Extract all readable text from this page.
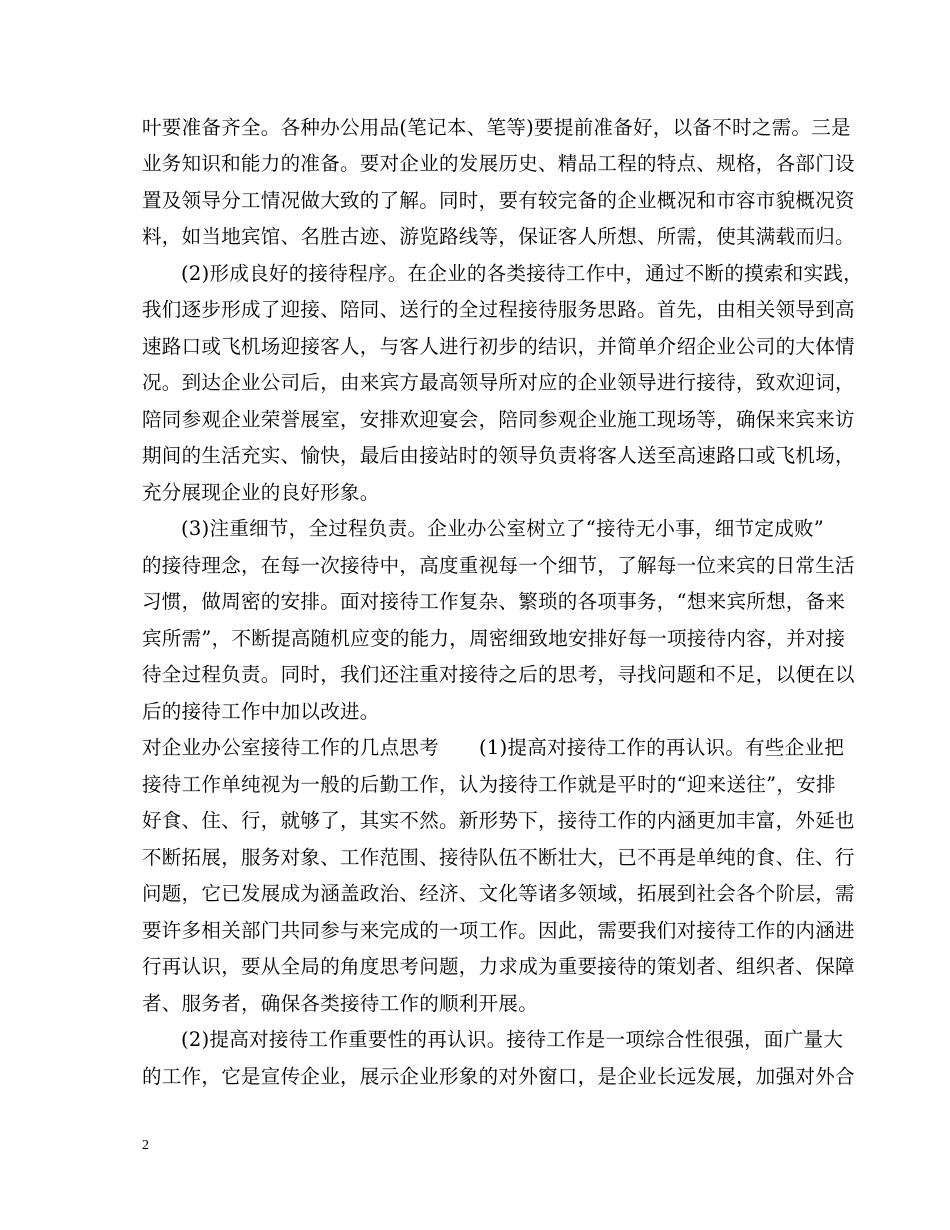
叶要准备齐全。各种办公用品(笔记本、笔等)要提前准备好，以备不时之需。三是
业务知识和能力的准备。要对企业的发展历史、精品工程的特点、规格，各部门设
置及领导分工情况做大致的了解。同时，要有较完备的企业概况和市容市貌概况资
料，如当地宾馆、名胜古迹、游览路线等，保证客人所想、所需，使其满载而归。
(2)形成良好的接待程序。在企业的各类接待工作中，通过不断的摸索和实践，
我们逐步形成了迎接、陪同、送行的全过程接待服务思路。首先，由相关领导到高
速路口或飞机场迎接客人，与客人进行初步的结识，并简单介绍企业公司的大体情
况。到达企业公司后，由来宾方最高领导所对应的企业领导进行接待，致欢迎词，
陪同参观企业荣誉展室，安排欢迎宴会，陪同参观企业施工现场等，确保来宾来访
期间的生活充实、愉快，最后由接站时的领导负责将客人送至高速路口或飞机场，
充分展现企业的良好形象。
(3)注重细节，全过程负责。企业办公室树立了“接待无小事，细节定成败”
的接待理念，在每一次接待中，高度重视每一个细节，了解每一位来宾的日常生活
习惯，做周密的安排。面对接待工作复杂、繁琐的各项事务，“想来宾所想，备来
宾所需”，不断提高随机应变的能力，周密细致地安排好每一项接待内容，并对接
待全过程负责。同时，我们还注重对接待之后的思考，寻找问题和不足，以便在以
后的接待工作中加以改进。
对企业办公室接待工作的几点思考 (1)提高对接待工作的再认识。有些企业把
接待工作单纯视为一般的后勤工作，认为接待工作就是平时的“迎来送往”，安排
好食、住、行，就够了，其实不然。新形势下，接待工作的内涵更加丰富，外延也
不断拓展，服务对象、工作范围、接待队伍不断壮大，已不再是单纯的食、住、行
问题，它已发展成为涵盖政治、经济、文化等诸多领域，拓展到社会各个阶层，需
要许多相关部门共同参与来完成的一项工作。因此，需要我们对接待工作的内涵进
行再认识，要从全局的角度思考问题，力求成为重要接待的策划者、组织者、保障
者、服务者，确保各类接待工作的顺利开展。
(2)提高对接待工作重要性的再认识。接待工作是一项综合性很强，面广量大
的工作，它是宣传企业，展示企业形象的对外窗口，是企业长远发展，加强对外合
2
